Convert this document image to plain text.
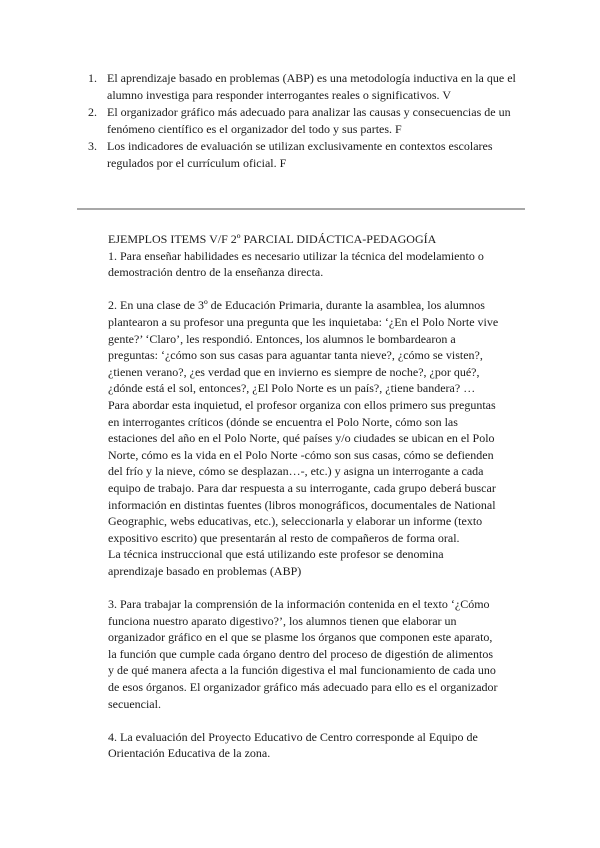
1. El aprendizaje basado en problemas (ABP) es una metodología inductiva en la que el alumno investiga para responder interrogantes reales o significativos. V
2. El organizador gráfico más adecuado para analizar las causas y consecuencias de un fenómeno científico es el organizador del todo y sus partes. F
3. Los indicadores de evaluación se utilizan exclusivamente en contextos escolares regulados por el currículum oficial. F

EJEMPLOS ITEMS V/F 2º PARCIAL DIDÁCTICA-PEDAGOGÍA

1. Para enseñar habilidades es necesario utilizar la técnica del modelamiento o demostración dentro de la enseñanza directa.

2. En una clase de 3º de Educación Primaria, durante la asamblea, los alumnos plantearon a su profesor una pregunta que les inquietaba: ‘¿En el Polo Norte vive gente?’ ‘Claro’, les respondió. Entonces, los alumnos le bombardearon a preguntas: ‘¿cómo son sus casas para aguantar tanta nieve?, ¿cómo se visten?, ¿tienen verano?, ¿es verdad que en invierno es siempre de noche?, ¿por qué?, ¿dónde está el sol, entonces?, ¿El Polo Norte es un país?, ¿tiene bandera? …

Para abordar esta inquietud, el profesor organiza con ellos primero sus preguntas en interrogantes críticos (dónde se encuentra el Polo Norte, cómo son las estaciones del año en el Polo Norte, qué países y/o ciudades se ubican en el Polo Norte, cómo es la vida en el Polo Norte -cómo son sus casas, cómo se defienden del frío y la nieve, cómo se desplazan…-, etc.) y asigna un interrogante a cada equipo de trabajo. Para dar respuesta a su interrogante, cada grupo deberá buscar información en distintas fuentes (libros monográficos, documentales de National Geographic, webs educativas, etc.), seleccionarla y elaborar un informe (texto expositivo escrito) que presentarán al resto de compañeros de forma oral.

La técnica instruccional que está utilizando este profesor se denomina aprendizaje basado en problemas (ABP)

3. Para trabajar la comprensión de la información contenida en el texto ‘¿Cómo funciona nuestro aparato digestivo?’, los alumnos tienen que elaborar un organizador gráfico en el que se plasme los órganos que componen este aparato, la función que cumple cada órgano dentro del proceso de digestión de alimentos y de qué manera afecta a la función digestiva el mal funcionamiento de cada uno de esos órganos. El organizador gráfico más adecuado para ello es el organizador secuencial.

4. La evaluación del Proyecto Educativo de Centro corresponde al Equipo de Orientación Educativa de la zona.
